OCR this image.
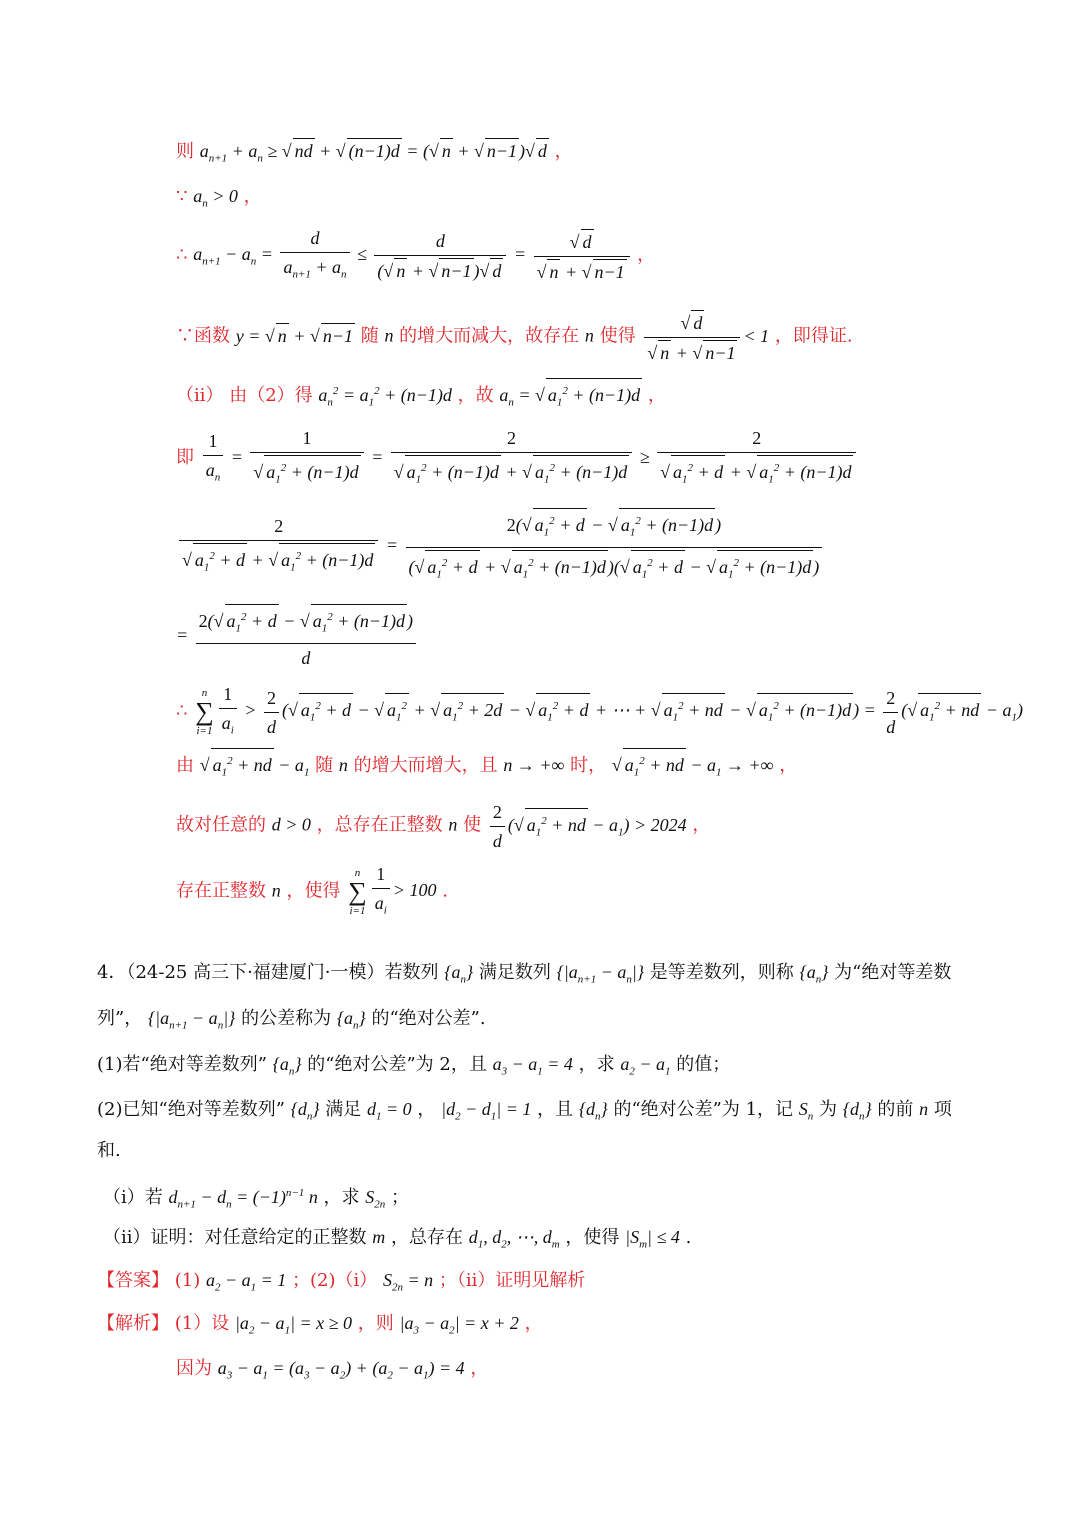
则 $a_{n+1} + a_n$ ≥ √ nd + √ (n−1)d = (√ n + √ n−1 )√ d ，
∵ $a_n > 0$ ，
∴ $a_{n+1} - a_n = \frac{d}{a_{n+1} + a_n} \le \frac{d}{(√ n + √ n-1 )√ d} = \frac{√ d}{√ n + √ n-1}$ ，
∵函数 y = √ n + √ n−1 随 n 的增大而减大，故存在 n 使得 $\frac{√ d}{√ n + √ n-1} < 1$ ，即得证.
（ii） 由（2）得 $a_n^2 = a_1^2 + (n-1)d$ ，故 $a_n$ = √ $a_1^2 + (n-1)d$ ，
即 $\frac{1}{a_n} = \frac{1}{√ a_1^2 + (n-1)d} = \frac{2}{√ a_1^2 + (n-1)d + √ a_1^2 + (n-1)d} \ge \frac{2}{√ a_1^2 + d + √ a_1^2 + (n-1)d}$
$\frac{2}{√ a_1^2 + d + √ a_1^2 + (n-1)d} = \frac{2(√ a_1^2 + d - √ a_1^2 + (n-1)d )}{(√ a_1^2 + d + √ a_1^2 + (n-1)d )(√ a_1^2 + d - √ a_1^2 + (n-1)d )}$
= $\frac{2(√ a_1^2 + d - √ a_1^2 + (n-1)d )}{d}$
∴ n
∑
$i=1 \frac{1}{a_i} > \frac{2}{d}$ (√ $a_1^2 + d$ − √ $a_1^2$ + √ $a_1^2 + 2d$ − √ $a_1^2 + d$ + ⋯ + √ $a_1^2$ + nd − √ $a_1^2 + (n-1)d$ ) = $\frac{2}{d}$ (√ $a_1^2$ + nd − $a_1$)
由 √ $a_1^2$ + nd − $a_1$ 随 n 的增大而增大，且 n → +∞ 时， √ $a_1^2$ + nd − $a_1$ → +∞ ，
故对任意的 d > 0 ，总存在正整数 n 使 $\frac{2}{d}$ (√ $a_1^2$ + nd − $a_1) > 2024$ ，
存在正整数 n ，使得 n
∑
$i=1 \frac{1}{a_i} > 100$ .
4．（24-25 高三下·福建厦门·一模）若数列 $\{a_n\}$ 满足数列 $\{|a_{n+1} - a_n|\}$ 是等差数列，则称 $\{a_n\}$ 为“绝对等差数
列”， $\{|a_{n+1} - a_n|\}$ 的公差称为 $\{a_n\}$ 的“绝对公差”.
(1)若“绝对等差数列” $\{a_n\}$ 的“绝对公差”为 2，且 $a_3 - a_1 = 4$ ，求 $a_2 - a_1$ 的值；
(2)已知“绝对等差数列” $\{d_n\}$ 满足 $d_1 = 0$ ， $|d_2 - d_1| = 1$ ，且 $\{d_n\}$ 的“绝对公差”为 1，记 $S_n$ 为 $\{d_n\}$ 的前 n 项
和.
（i）若 $d_{n+1} - d_n = (-1)^{n-1}$ n ，求 $S_{2n}$ ；
（ii）证明：对任意给定的正整数 m ，总存在 $d_1$, $d_2$, ⋯, $d_m$ ，使得 $|S_m| \le 4$ .
【答案】 (1) $a_2 - a_1 = 1$ ；(2)（i） $S_{2n} = n$ ；（ii）证明见解析
【解析】 (1）设 $|a_2 - a_1| = x \ge 0$ ，则 $|a_3 - a_2| = x + 2$ ，
因为 $a_3 - a_1 = (a_3 - a_2) + (a_2 - a_1) = 4$ ，
